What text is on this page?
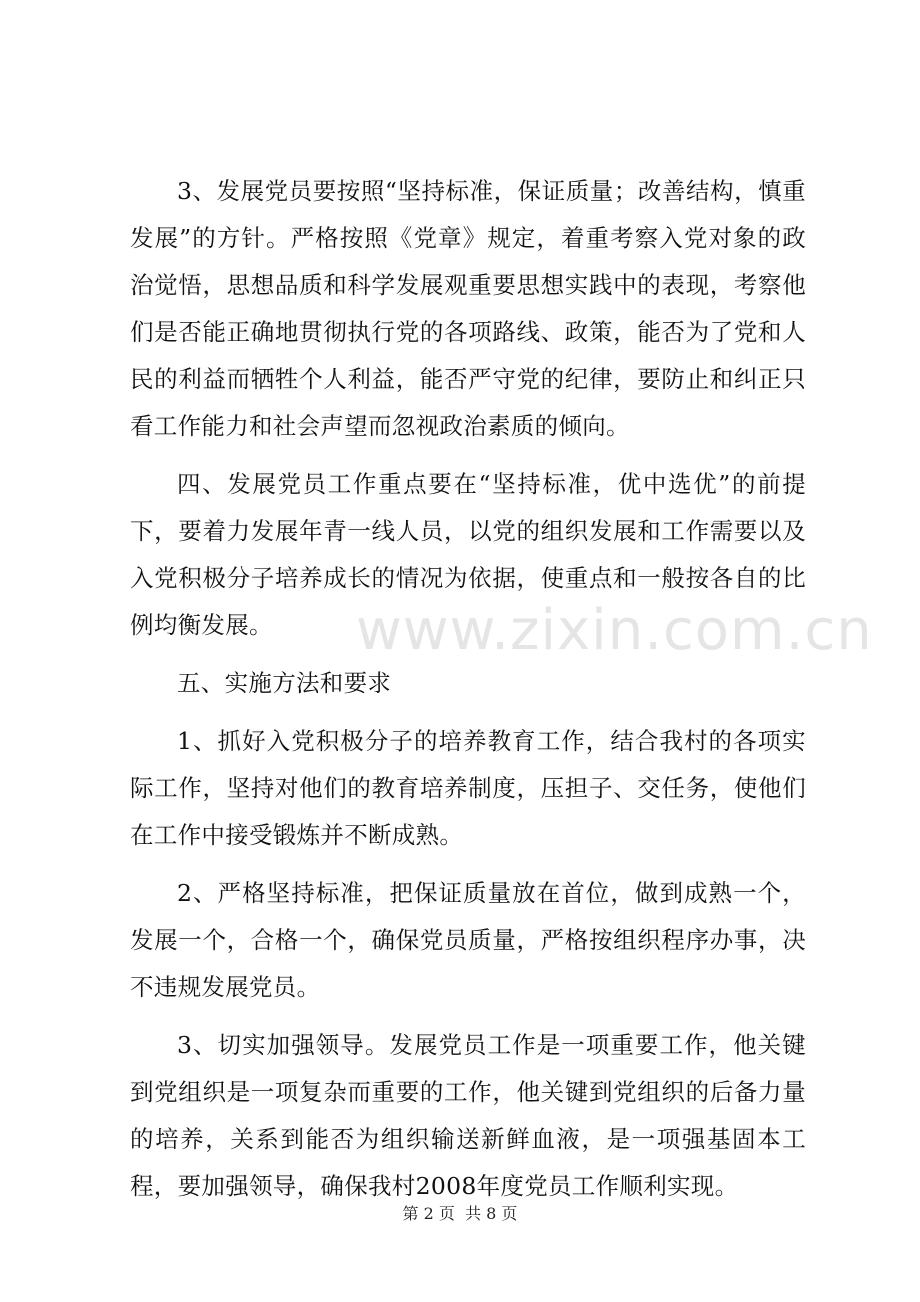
3、发展党员要按照“坚持标准，保证质量；改善结构，慎重发展”的方针。严格按照《党章》规定，着重考察入党对象的政治觉悟，思想品质和科学发展观重要思想实践中的表现，考察他们是否能正确地贯彻执行党的各项路线、政策，能否为了党和人民的利益而牺牲个人利益，能否严守党的纪律，要防止和纠正只看工作能力和社会声望而忽视政治素质的倾向。

四、发展党员工作重点要在“坚持标准，优中选优”的前提下，要着力发展年青一线人员，以党的组织发展和工作需要以及入党积极分子培养成长的情况为依据，使重点和一般按各自的比例均衡发展。

五、实施方法和要求

1、抓好入党积极分子的培养教育工作，结合我村的各项实际工作，坚持对他们的教育培养制度，压担子、交任务，使他们在工作中接受锻炼并不断成熟。

2、严格坚持标准，把保证质量放在首位，做到成熟一个，发展一个，合格一个，确保党员质量，严格按组织程序办事，决不违规发展党员。

3、切实加强领导。发展党员工作是一项重要工作，他关键到党组织是一项复杂而重要的工作，他关键到党组织的后备力量的培养，关系到能否为组织输送新鲜血液，是一项强基固本工程，要加强领导，确保我村2008年度党员工作顺利实现。

www.zixin.com.cn
第 2 页  共 8 页
